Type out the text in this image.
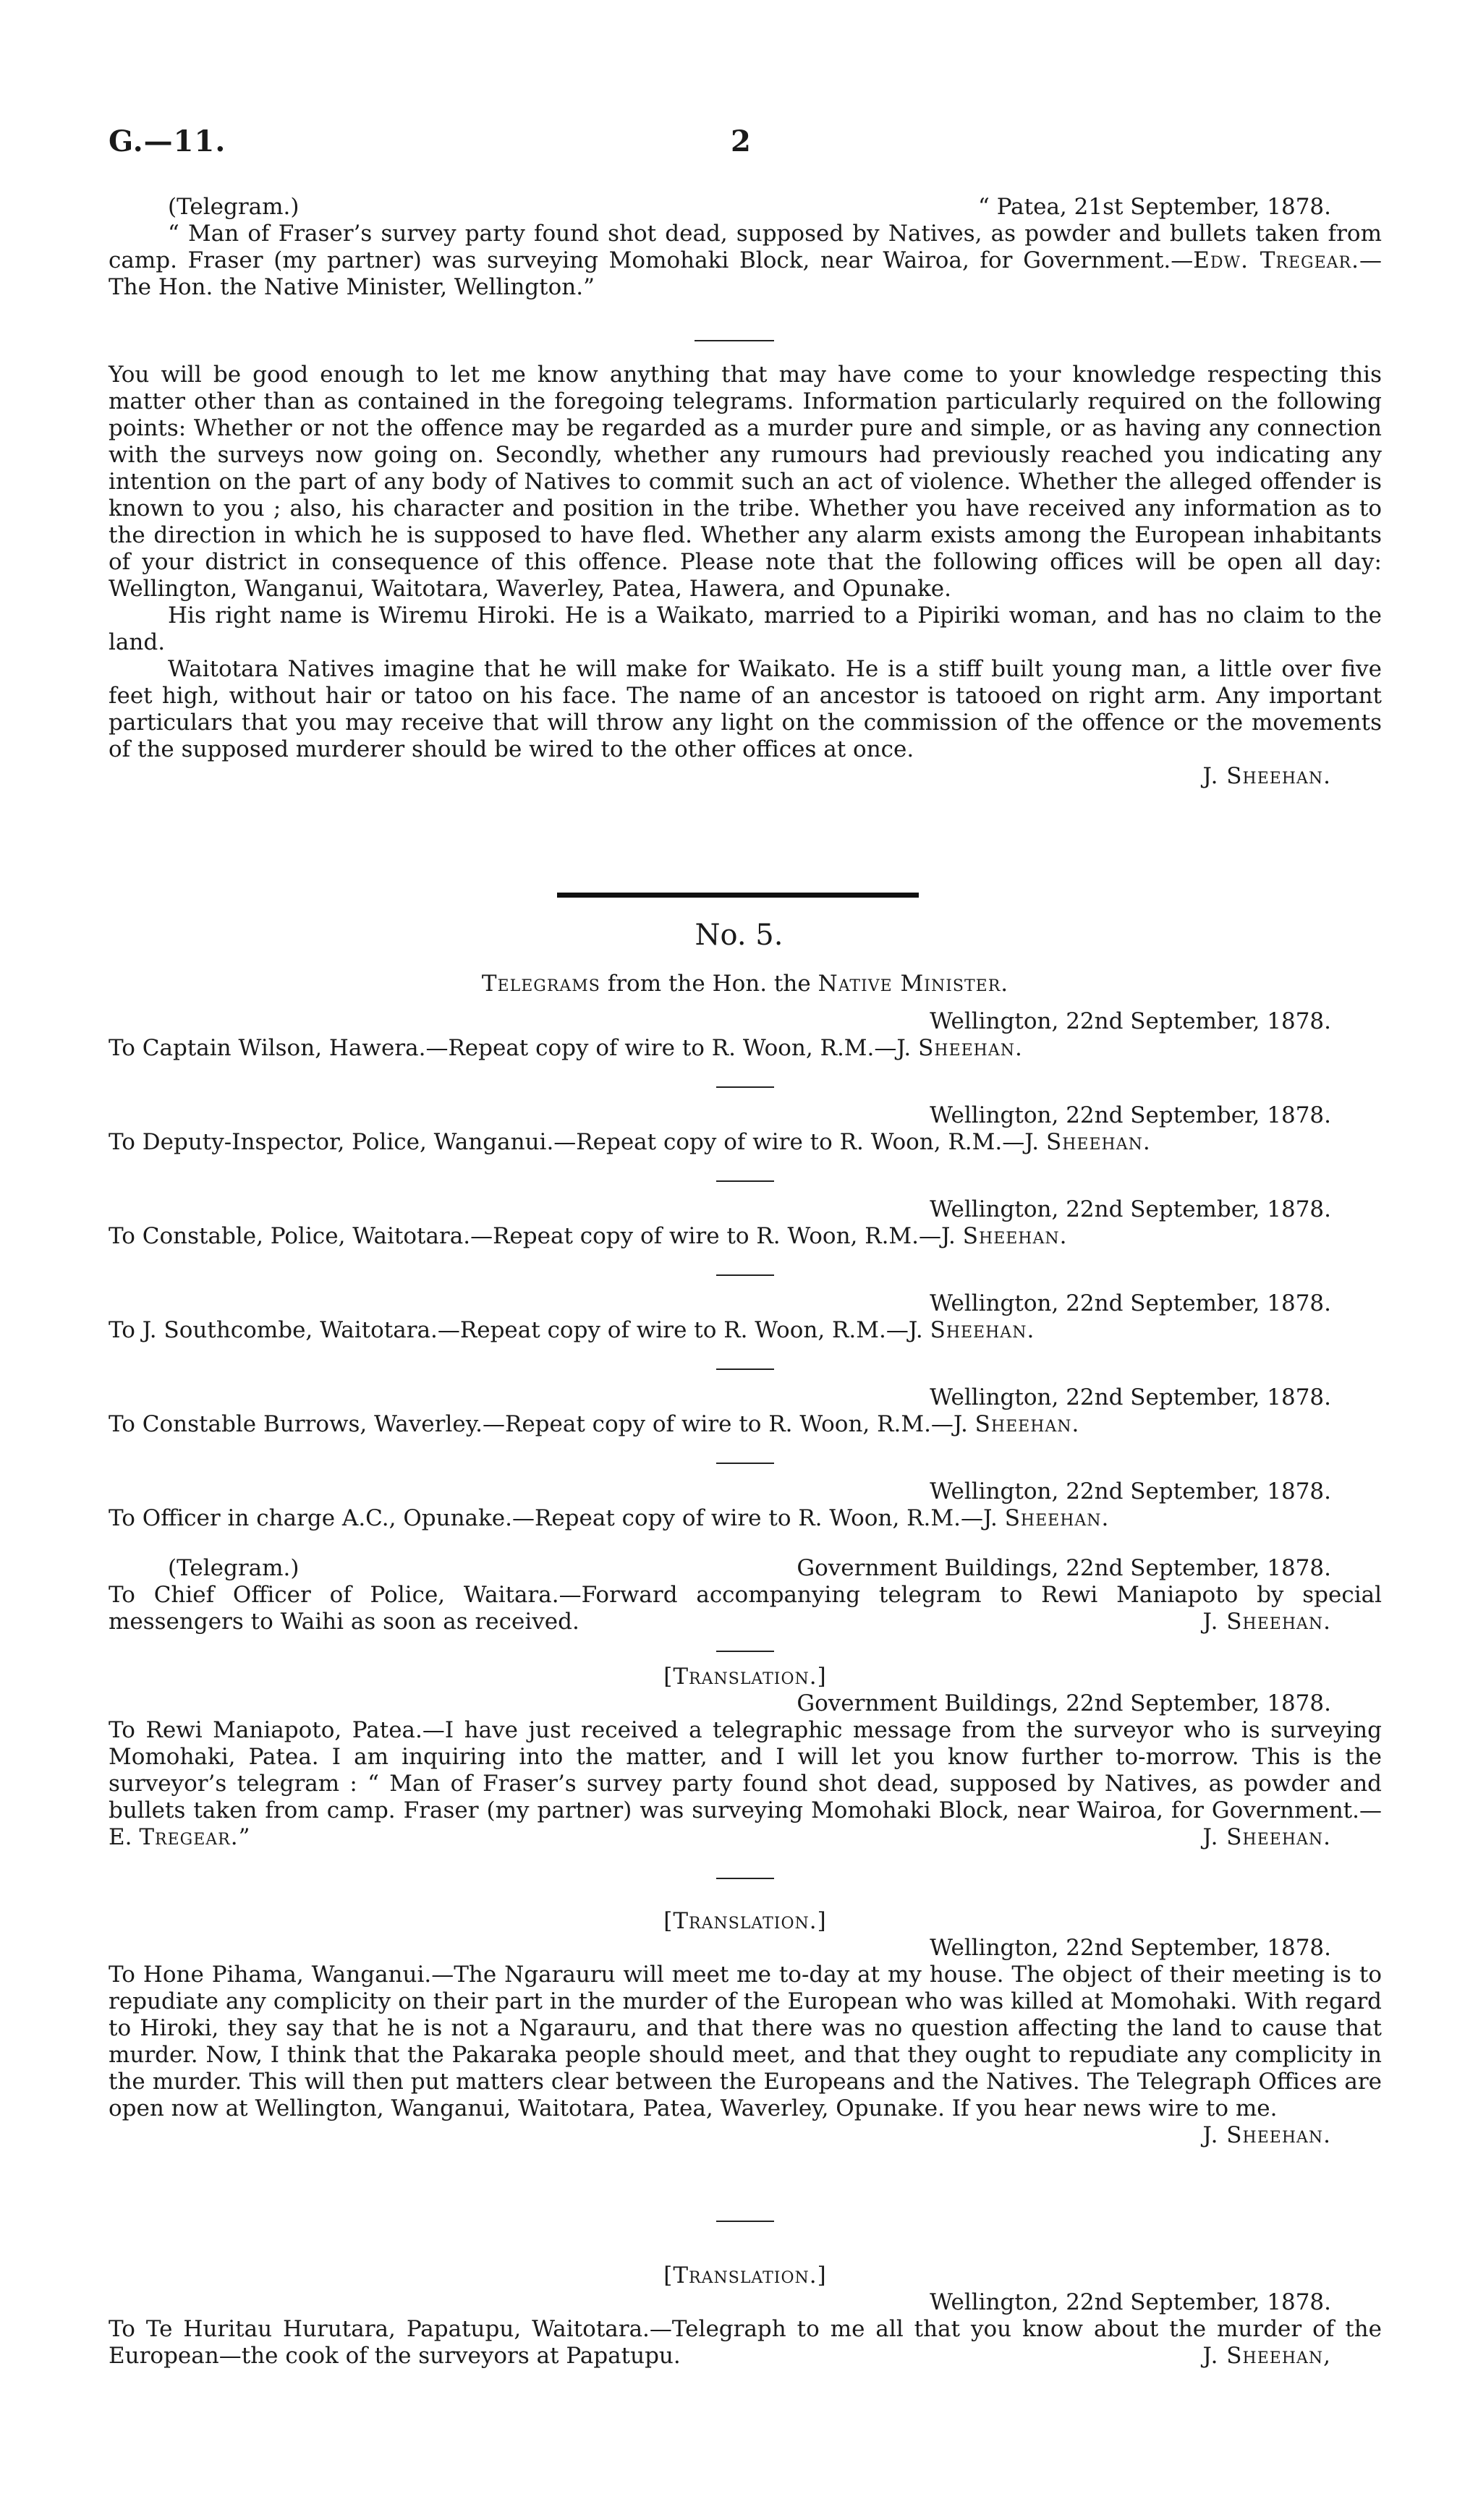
G.—11.	2
(Telegram.)	“ Patea, 21st September, 1878.

“ Man of Fraser’s survey party found shot dead, supposed by Natives, as powder and bullets taken from camp. Fraser (my partner) was surveying Momohaki Block, near Wairoa, for Government.—Edw. Tregear.—The Hon. the Native Minister, Wellington.”

You will be good enough to let me know anything that may have come to your knowledge respecting this matter other than as contained in the foregoing telegrams. Information particularly required on the following points: Whether or not the offence may be regarded as a murder pure and simple, or as having any connection with the surveys now going on. Secondly, whether any rumours had previously reached you indicating any intention on the part of any body of Natives to commit such an act of violence. Whether the alleged offender is known to you ; also, his character and position in the tribe. Whether you have received any information as to the direction in which he is supposed to have fled. Whether any alarm exists among the European inhabitants of your district in consequence of this offence. Please note that the following offices will be open all day: Wellington, Wanganui, Waitotara, Waverley, Patea, Hawera, and Opunake.

His right name is Wiremu Hiroki. He is a Waikato, married to a Pipiriki woman, and has no claim to the land.

Waitotara Natives imagine that he will make for Waikato. He is a stiff built young man, a little over five feet high, without hair or tatoo on his face. The name of an ancestor is tatooed on right arm. Any important particulars that you may receive that will throw any light on the commission of the offence or the movements of the supposed murderer should be wired to the other offices at once.

J. Sheehan.
No. 5.
Telegrams from the Hon. the Native Minister.
Wellington, 22nd September, 1878.
To Captain Wilson, Hawera.—Repeat copy of wire to R. Woon, R.M.—J. Sheehan.
Wellington, 22nd September, 1878.
To Deputy-Inspector, Police, Wanganui.—Repeat copy of wire to R. Woon, R.M.—J. Sheehan.
Wellington, 22nd September, 1878.
To Constable, Police, Waitotara.—Repeat copy of wire to R. Woon, R.M.—J. Sheehan.
Wellington, 22nd September, 1878.
To J. Southcombe, Waitotara.—Repeat copy of wire to R. Woon, R.M.—J. Sheehan.
Wellington, 22nd September, 1878.
To Constable Burrows, Waverley.—Repeat copy of wire to R. Woon, R.M.—J. Sheehan.
Wellington, 22nd September, 1878.
To Officer in charge A.C., Opunake.—Repeat copy of wire to R. Woon, R.M.—J. Sheehan.
(Telegram.)	Government Buildings, 22nd September, 1878.

To Chief Officer of Police, Waitara.—Forward accompanying telegram to Rewi Maniapoto by special messengers to Waihi as soon as received.	J. Sheehan.
[Translation.]
Government Buildings, 22nd September, 1878.

To Rewi Maniapoto, Patea.—I have just received a telegraphic message from the surveyor who is surveying Momohaki, Patea. I am inquiring into the matter, and I will let you know further to-morrow. This is the surveyor’s telegram : “ Man of Fraser’s survey party found shot dead, supposed by Natives, as powder and bullets taken from camp. Fraser (my partner) was surveying Momohaki Block, near Wairoa, for Government.—E. Tregear.”	J. Sheehan.
[Translation.]
Wellington, 22nd September, 1878.

To Hone Pihama, Wanganui.—The Ngarauru will meet me to-day at my house. The object of their meeting is to repudiate any complicity on their part in the murder of the European who was killed at Momohaki. With regard to Hiroki, they say that he is not a Ngarauru, and that there was no question affecting the land to cause that murder. Now, I think that the Pakaraka people should meet, and that they ought to repudiate any complicity in the murder. This will then put matters clear between the Europeans and the Natives. The Telegraph Offices are open now at Wellington, Wanganui, Waitotara, Patea, Waverley, Opunake. If you hear news wire to me.

J. Sheehan.
[Translation.]
Wellington, 22nd September, 1878.

To Te Huritau Hurutara, Papatupu, Waitotara.—Telegraph to me all that you know about the murder of the European—the cook of the surveyors at Papatupu.	J. Sheehan,
